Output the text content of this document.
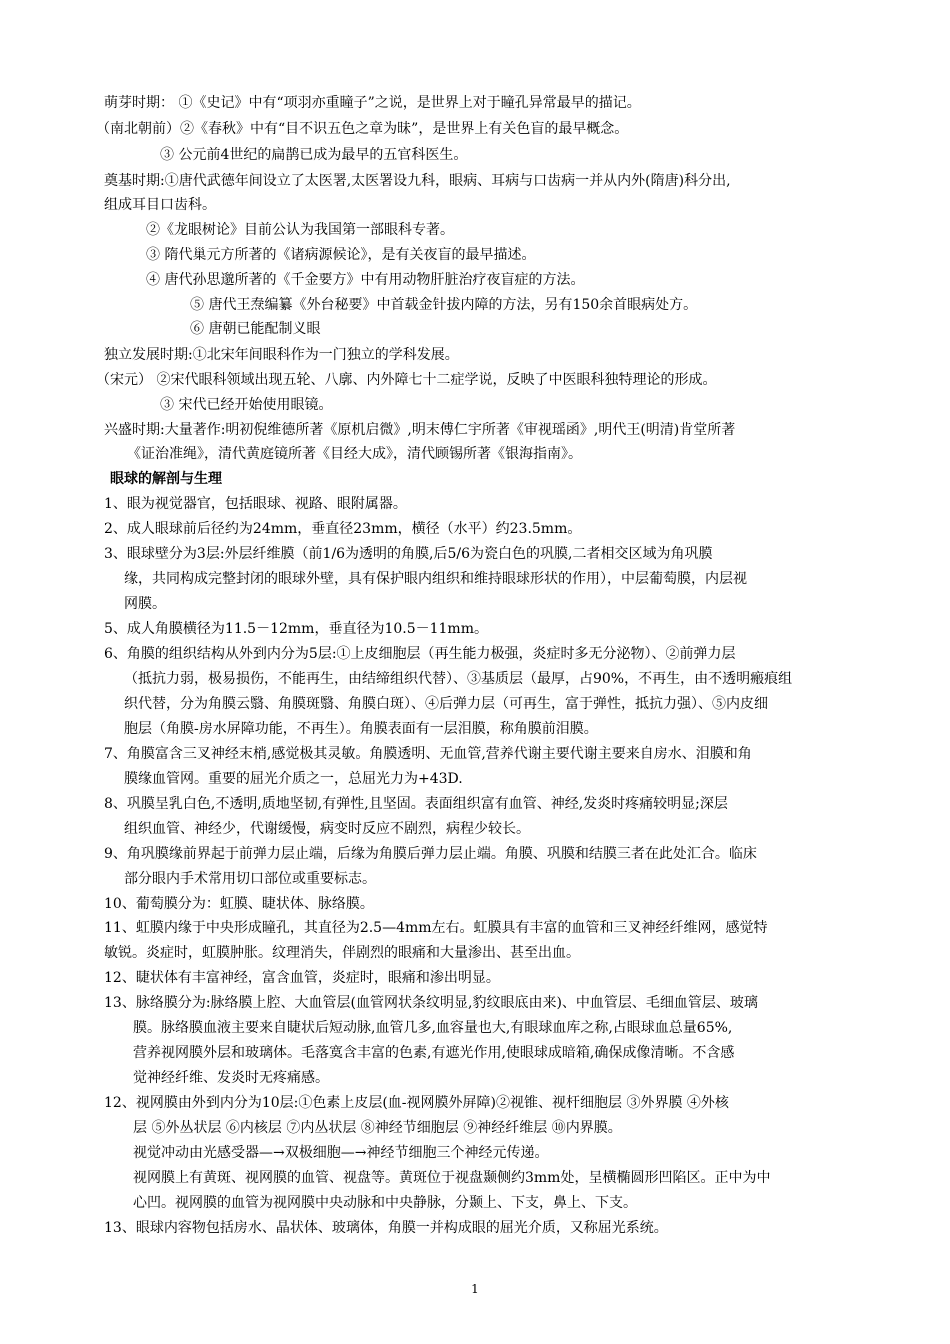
萌芽时期： ①《史记》中有“项羽亦重瞳子”之说，是世界上对于瞳孔异常最早的描记。
（南北朝前）②《春秋》中有“目不识五色之章为昧”，是世界上有关色盲的最早概念。
③ 公元前4世纪的扁鹊已成为最早的五官科医生。
奠基时期:①唐代武德年间设立了太医署,太医署设九科，眼病、耳病与口齿病一并从内外(隋唐)科分出,
组成耳目口齿科。
②《龙眼树论》目前公认为我国第一部眼科专著。
③ 隋代巢元方所著的《诸病源候论》，是有关夜盲的最早描述。
④ 唐代孙思邈所著的《千金要方》中有用动物肝脏治疗夜盲症的方法。
⑤ 唐代王焘编纂《外台秘要》中首载金针拔内障的方法，另有150余首眼病处方。
⑥ 唐朝已能配制义眼
独立发展时期:①北宋年间眼科作为一门独立的学科发展。
（宋元） ②宋代眼科领域出现五轮、八廓、内外障七十二症学说，反映了中医眼科独特理论的形成。
③ 宋代已经开始使用眼镜。
兴盛时期:大量著作:明初倪维德所著《原机启微》,明末傅仁宇所著《审视瑶函》,明代王(明清)肯堂所著
《证治准绳》，清代黄庭镜所著《目经大成》，清代顾锡所著《银海指南》。
眼球的解剖与生理
1、眼为视觉器官，包括眼球、视路、眼附属器。
2、成人眼球前后径约为24mm，垂直径23mm，横径（水平）约23.5mm。
3、眼球壁分为3层:外层纤维膜（前1/6为透明的角膜,后5/6为瓷白色的巩膜,二者相交区域为角巩膜
缘，共同构成完整封闭的眼球外壁，具有保护眼内组织和维持眼球形状的作用），中层葡萄膜，内层视
网膜。
5、成人角膜横径为11.5－12mm，垂直径为10.5－11mm。
6、角膜的组织结构从外到内分为5层:①上皮细胞层（再生能力极强，炎症时多无分泌物）、②前弹力层
（抵抗力弱，极易损伤，不能再生，由结缔组织代替）、③基质层（最厚，占90%，不再生，由不透明瘢痕组
织代替，分为角膜云翳、角膜斑翳、角膜白斑）、④后弹力层（可再生，富于弹性，抵抗力强）、⑤内皮细
胞层（角膜-房水屏障功能，不再生）。角膜表面有一层泪膜，称角膜前泪膜。
7、角膜富含三叉神经末梢,感觉极其灵敏。角膜透明、无血管,营养代谢主要代谢主要来自房水、泪膜和角
膜缘血管网。重要的屈光介质之一，总屈光力为+43D.
8、巩膜呈乳白色,不透明,质地坚韧,有弹性,且坚固。表面组织富有血管、神经,发炎时疼痛较明显;深层
组织血管、神经少，代谢缓慢，病变时反应不剧烈，病程少较长。
9、角巩膜缘前界起于前弹力层止端，后缘为角膜后弹力层止端。角膜、巩膜和结膜三者在此处汇合。临床
部分眼内手术常用切口部位或重要标志。
10、葡萄膜分为：虹膜、睫状体、脉络膜。
11、虹膜内缘于中央形成瞳孔，其直径为2.5—4mm左右。虹膜具有丰富的血管和三叉神经纤维网，感觉特
敏锐。炎症时，虹膜肿胀。纹理消失，伴剧烈的眼痛和大量渗出、甚至出血。
12、睫状体有丰富神经，富含血管，炎症时，眼痛和渗出明显。
13、脉络膜分为:脉络膜上腔、大血管层(血管网状条纹明显,豹纹眼底由来)、中血管层、毛细血管层、玻璃
膜。脉络膜血液主要来自睫状后短动脉,血管几多,血容量也大,有眼球血库之称,占眼球血总量65%,
营养视网膜外层和玻璃体。毛落寞含丰富的色素,有遮光作用,使眼球成暗箱,确保成像清晰。不含感
觉神经纤维、发炎时无疼痛感。
12、视网膜由外到内分为10层:①色素上皮层(血-视网膜外屏障)②视锥、视杆细胞层 ③外界膜 ④外核
层 ⑤外丛状层 ⑥内核层 ⑦内丛状层 ⑧神经节细胞层 ⑨神经纤维层 ⑩内界膜。
视觉冲动由光感受器—→双极细胞—→神经节细胞三个神经元传递。
视网膜上有黄斑、视网膜的血管、视盘等。黄斑位于视盘颞侧约3mm处，呈横椭圆形凹陷区。正中为中
心凹。视网膜的血管为视网膜中央动脉和中央静脉，分颞上、下支，鼻上、下支。
13、眼球内容物包括房水、晶状体、玻璃体，角膜一并构成眼的屈光介质，又称屈光系统。
1
